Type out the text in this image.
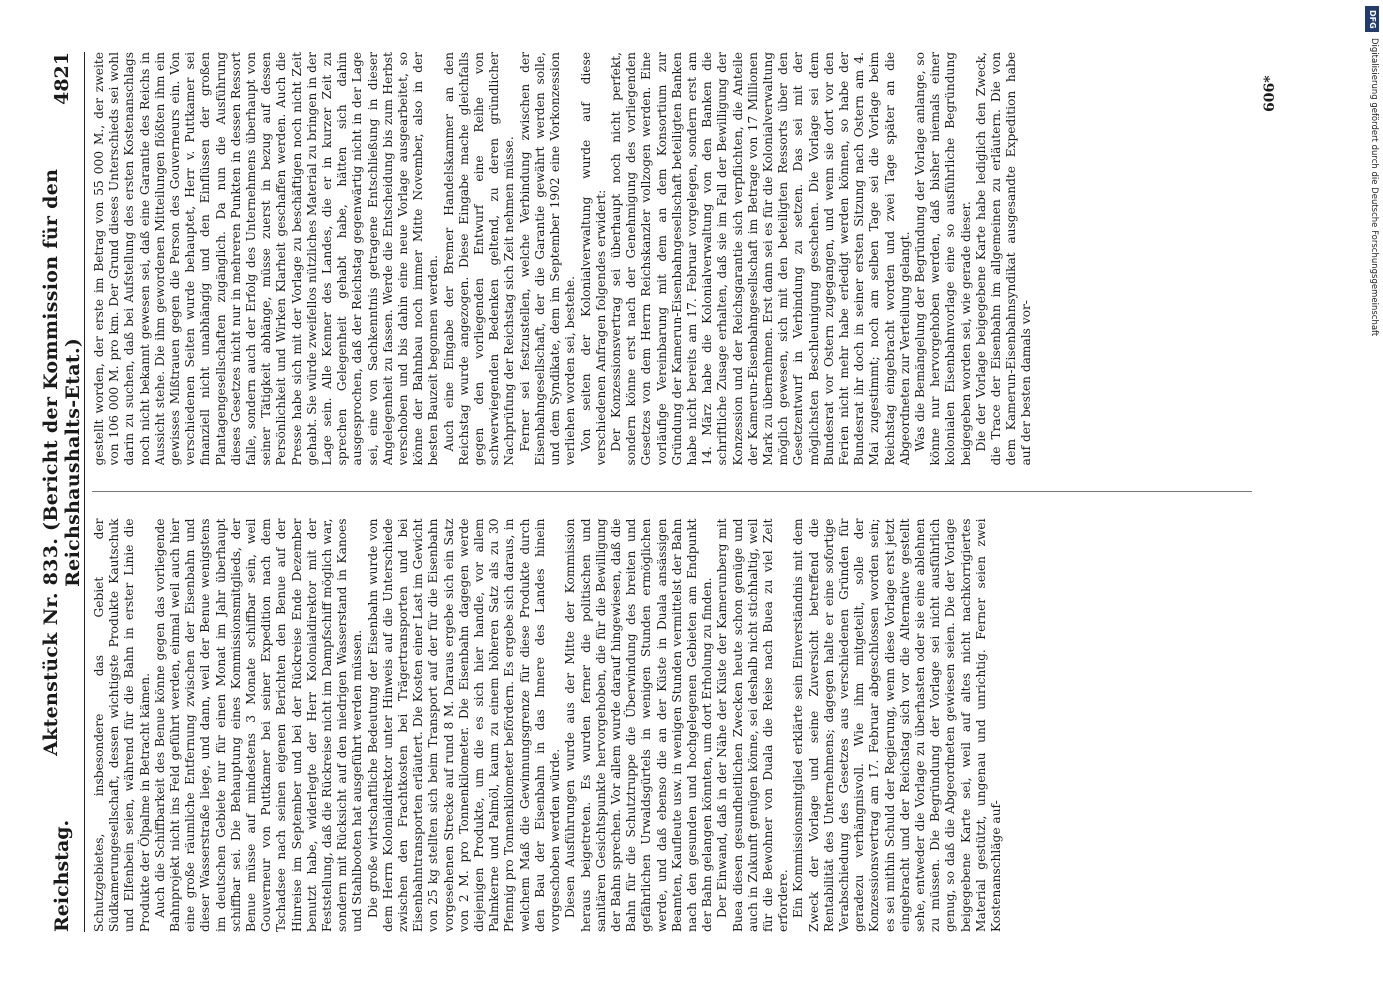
Reichstag.
Aktenstück Nr. 833. (Bericht der Kommission für den Reichshaushalts-Etat.)
4821

Schutzgebietes, insbesondere das Gebiet der Südkamerungesellschaft, dessen wichtigste Produkte Kautschuk und Elfenbein seien, während für die Bahn in erster Linie die Produkte der Ölpalme in Betracht kämen. Auch die Schiffbarkeit des Benue könne gegen das vorliegende Bahnprojekt nicht ins Feld geführt werden, einmal weil auch hier eine große räumliche Entfernung zwischen der Eisenbahn und dieser Wasserstraße liege, und dann, weil der Benue wenigstens im deutschen Gebiete nur für einen Monat im Jahr überhaupt schiffbar sei. Die Behauptung eines Kommissionsmitglieds, der Benue müsse auf mindestens 3 Monate schiffbar sein, weil Gouverneur von Puttkamer bei seiner Expedition nach dem Tschadsee nach seinen eigenen Berichten den Benue auf der Hinreise im September und bei der Rückreise Ende Dezember benutzt habe, widerlegte der Herr Kolonialdirektor mit der Feststellung, daß die Rückreise nicht im Dampfschiff möglich war, sondern mit Rücksicht auf den niedrigen Wasserstand in Kanoes und Stahlbooten hat ausgeführt werden müssen. Die große wirtschaftliche Bedeutung der Eisenbahn wurde von dem Herrn Kolonialdirektor unter Hinweis auf die Unterschiede zwischen den Frachtkosten bei Trägertransporten und bei Eisenbahntransporten erläutert. Die Kosten einer Last im Gewicht von 25 kg stellten sich beim Transport auf der für die Eisenbahn vorgesehenen Strecke auf rund 8 M. Daraus ergebe sich ein Satz von 2 M. pro Tonnenkilometer. Die Eisenbahn dagegen werde diejenigen Produkte, um die es sich hier handle, vor allem Palmkerne und Palmöl, kaum zu einem höheren Satz als zu 30 Pfennig pro Tonnenkilometer befördern. Es ergebe sich daraus, in welchem Maß die Gewinnungsgrenze für diese Produkte durch den Bau der Eisenbahn in das Innere des Landes hinein vorgeschoben werden würde. Diesen Ausführungen wurde aus der Mitte der Kommission heraus beigetreten. Es wurden ferner die politischen und sanitären Gesichtspunkte hervorgehoben, die für die Bewilligung der Bahn sprechen. Vor allem wurde darauf hingewiesen, daß die Bahn für die Schutztruppe die Überwindung des breiten und gefährlichen Urwaldsgürtels in wenigen Stunden ermöglichen werde, und daß ebenso die an der Küste in Duala ansässigen Beamten, Kaufleute usw. in wenigen Stunden vermittelst der Bahn nach den gesunden und hochgelegenen Gebieten am Endpunkt der Bahn gelangen könnten, um dort Erholung zu finden. Der Einwand, daß in der Nähe der Küste der Kamerunberg mit Buea diesen gesundheitlichen Zwecken heute schon genüge und auch in Zukunft genügen könne, sei deshalb nicht stichhaltig, weil für die Bewohner von Duala die Reise nach Buea zu viel Zeit erfordere. Ein Kommissionsmitglied erklärte sein Einverständnis mit dem Zweck der Vorlage und seine Zuversicht betreffend die Rentabilität des Unternehmens; dagegen halte er eine sofortige Verabschiedung des Gesetzes aus verschiedenen Gründen für geradezu verhängnisvoll. Wie ihm mitgeteilt, solle der Konzessionsvertrag am 17. Februar abgeschlossen worden sein; es sei mithin Schuld der Regierung, wenn diese Vorlage erst jetzt eingebracht und der Reichstag sich vor die Alternative gestellt sehe, entweder die Vorlage zu überhasten oder sie eine ablehnen zu müssen. Die Begründung der Vorlage sei nicht ausführlich genug, so daß die Abgeordneten gewiesen seien. Die der Vorlage beigegebene Karte sei, weil auf altes nicht nachkorrigiertes Material gestützt, ungenau und unrichtig. Ferner seien zwei Kostenanschläge auf-

gestellt worden, der erste im Betrag von 55 000 M., der zweite von 106 000 M. pro km. Der Grund dieses Unterschieds sei wohl darin zu suchen, daß bei Aufstellung des ersten Kostenanschlags noch nicht bekannt gewesen sei, daß eine Garantie des Reichs in Aussicht stehe. Die ihm gewordenen Mitteilungen flößten ihm ein gewisses Mißtrauen gegen die Person des Gouverneurs ein. Von verschiedenen Seiten wurde behauptet, Herr v. Puttkamer sei finanziell nicht unabhängig und den Einflüssen der großen Plantagengesellschaften zugänglich. Da nun die Ausführung dieses Gesetzes nicht nur in mehreren Punkten in dessen Ressort falle, sondern auch der Erfolg des Unternehmens überhaupt von seiner Tätigkeit abhänge, müsse zuerst in bezug auf dessen Persönlichkeit und Wirken Klarheit geschaffen werden. Auch die Presse habe sich mit der Vorlage zu beschäftigen noch nicht Zeit gehabt. Sie würde zweifellos nützliches Material zu bringen in der Lage sein. Alle Kenner des Landes, die er in kurzer Zeit zu sprechen Gelegenheit gehabt habe, hätten sich dahin ausgesprochen, daß der Reichstag gegenwärtig nicht in der Lage sei, eine von Sachkenntnis getragene Entschließung in dieser Angelegenheit zu fassen. Werde die Entscheidung bis zum Herbst verschoben und bis dahin eine neue Vorlage ausgearbeitet, so könne der Bahnbau noch immer Mitte November, also in der besten Bauzeit begonnen werden. Auch eine Eingabe der Bremer Handelskammer an den Reichstag wurde angezogen. Diese Eingabe mache gleichfalls gegen den vorliegenden Entwurf eine Reihe von schwerwiegenden Bedenken geltend, zu deren gründlicher Nachprüfung der Reichstag sich Zeit nehmen müsse. Ferner sei festzustellen, welche Verbindung zwischen der Eisenbahngesellschaft, der die Garantie gewährt werden solle, und dem Syndikate, dem im September 1902 eine Vorkonzession verliehen worden sei, bestehe. Von seiten der Kolonialverwaltung wurde auf diese verschiedenen Anfragen folgendes erwidert: Der Konzessionsvertrag sei überhaupt noch nicht perfekt, sondern könne erst nach der Genehmigung des vorliegenden Gesetzes von dem Herrn Reichskanzler vollzogen werden. Eine vorläufige Vereinbarung mit dem an dem Konsortium zur Gründung der Kamerun-Eisenbahngesellschaft beteiligten Banken habe nicht bereits am 17. Februar vorgelegen, sondern erst am 14. März habe die Kolonialverwaltung von den Banken die schriftliche Zusage erhalten, daß sie im Fall der Bewilligung der Konzession und der Reichsgarantie sich verpflichten, die Anteile der Kamerun-Eisenbahngesellschaft im Betrage von 17 Millionen Mark zu übernehmen. Erst dann sei es für die Kolonialverwaltung möglich gewesen, sich mit den beteiligten Ressorts über den Gesetzentwurf in Verbindung zu setzen. Das sei mit der möglichsten Beschleunigung geschehen. Die Vorlage sei dem Bundesrat vor Ostern zugegangen, und wenn sie dort vor den Ferien nicht mehr habe erledigt werden können, so habe der Bundesrat ihr doch in seiner ersten Sitzung nach Ostern am 4. Mai zugestimmt; noch am selben Tage sei die Vorlage beim Reichstag eingebracht worden und zwei Tage später an die Abgeordneten zur Verteilung gelangt. Was die Bemängelung der Begründung der Vorlage anlange, so könne nur hervorgehoben werden, daß bisher niemals einer kolonialen Eisenbahnvorlage eine so ausführliche Begründung beigegeben worden sei, wie gerade dieser. Die der Vorlage beigegebene Karte habe lediglich den Zweck, die Trace der Eisenbahn im allgemeinen zu erläutern. Die von dem Kamerun-Eisenbahnsyndikat ausgesandte Expedition habe auf der besten damals vor-

606*
DFG
Digitalisierung gefördert durch die Deutsche Forschungsgemeinschaft
